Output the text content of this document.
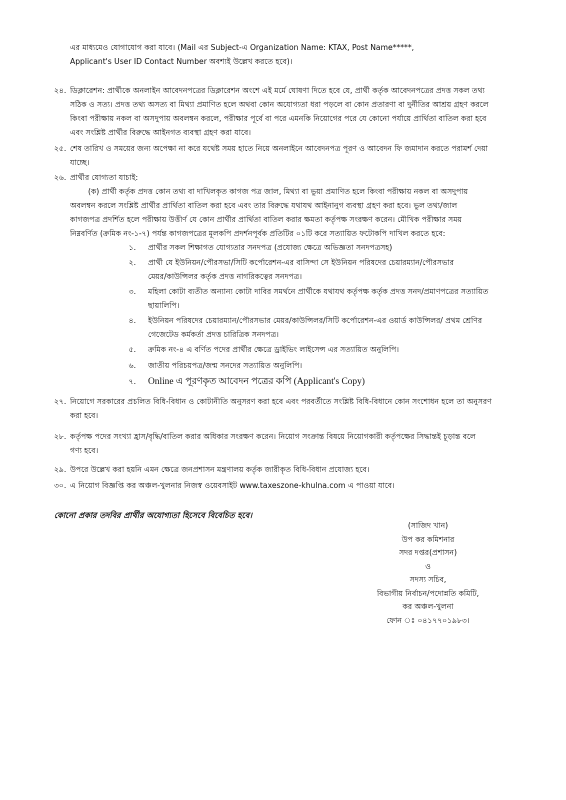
এর মাধ্যমেও যোগাযোগ করা যাবে। (Mail এর Subject-এ Organization Name: KTAX, Post Name*****,
Applicant's User ID Contact Number অবশ্যই উল্লেখ করতে হবে)।
২৪. ডিক্লারেশন: প্রার্থীকে অনলাইন আবেদনপত্রের ডিক্লারেশন অংশে এই মর্মে ঘোষণা দিতে হবে যে, প্রার্থী কর্তৃক আবেদনপত্রের প্রদত্ত সকল তথ্য
সঠিক ও সত্য। প্রদত্ত তথ্য অসত্য বা মিথ্যা প্রমাণিত হলে অথবা কোন অযোগ্যতা ধরা পড়লে বা কোন প্রতারণা বা দুর্নীতির আশ্রয় গ্রহণ করলে
কিংবা পরীক্ষায় নকল বা অসদুপায় অবলম্বন করলে, পরীক্ষার পূর্বে বা পরে এমনকি নিয়োগের পরে যে কোনো পর্যায়ে প্রার্থিতা বাতিল করা হবে
এবং সংশ্লিষ্ট প্রার্থীর বিরুদ্ধে আইনগত ব্যবস্থা গ্রহণ করা যাবে।
২৫. শেষ তারিখ ও সময়ের জন্য অপেক্ষা না করে যথেষ্ট সময় হাতে নিয়ে অনলাইনে আবেদনপত্র পূরণ ও আবেদন ফি জমাদান করতে পরামর্শ দেয়া
যাচ্ছে।
২৬. প্রার্থীর যোগ্যতা যাচাই:
(ক) প্রার্থী কর্তৃক প্রদত্ত কোন তথ্য বা দাখিলকৃত কাগজ পত্র জাল, মিথ্যা বা ভুয়া প্রমাণিত হলে কিংবা পরীক্ষায় নকল বা অসদুপায়
অবলম্বন করলে সংশ্লিষ্ট প্রার্থীর প্রার্থিতা বাতিল করা হবে এবং তার বিরুদ্ধে যথাযথ আইনানুগ ব্যবস্থা গ্রহণ করা হবে। ভুল তথ্য/জাল
কাগজপত্র প্রদর্শিত হলে পরীক্ষায় উত্তীর্ণ যে কোন প্রার্থীর প্রার্থিতা বাতিল করার ক্ষমতা কর্তৃপক্ষ সংরক্ষণ করেন। মৌখিক পরীক্ষার সময়
নিম্নবর্ণিত (ক্রমিক নং-১-৭) পর্যন্ত কাগজপত্রের মূলকপি প্রদর্শনপূর্বক প্রতিটির ০১টি করে সত্যায়িত ফটোকপি দাখিল করতে হবে:
১. প্রার্থীর সকল শিক্ষাগত যোগ্যতার সনদপত্র (প্রযোজ্য ক্ষেত্রে অভিজ্ঞতা সনদপত্রসহ)
২. প্রার্থী যে ইউনিয়ন/পৌরসভা/সিটি কর্পোরেশন-এর বাসিন্দা সে ইউনিয়ন পরিষদের চেয়ারম্যান/পৌরসভার
মেয়র/কাউন্সিলর কর্তৃক প্রদত্ত নাগরিকত্বের সনদপত্র।
৩. মহিলা কোটা ব্যতীত অন্যান্য কোটা দাবির সমর্থনে প্রার্থীকে যথাযথ কর্তৃপক্ষ কর্তৃক প্রদত্ত সনদ/প্রমাণপত্রের সত্যায়িত
ছায়ালিপি।
৪. ইউনিয়ন পরিষদের চেয়ারম্যান/পৌরসভার মেয়র/কাউন্সিলর/সিটি কর্পোরেশন-এর ওয়ার্ড কাউন্সিলর/ প্রথম শ্রেণির
গেজেটেড কর্মকর্তা প্রদত্ত চারিত্রিক সনদপত্র।
৫. ক্রমিক নং-৪ এ বর্ণিত পদের প্রার্থীর ক্ষেত্রে ড্রাইভিং লাইসেন্স এর সত্যায়িত অনুলিপি।
৬. জাতীয় পরিচয়পত্র/জন্ম সনদের সত্যায়িত অনুলিপি।
৭. Online এ পূরণকৃত আবেদন পত্রের কপি (Applicant's Copy)
২৭. নিয়োগে সরকারের প্রচলিত বিধি-বিধান ও কোটানীতি অনুসরণ করা হবে এবং পরবর্তীতে সংশ্লিষ্ট বিধি-বিধানে কোন সংশোধন হলে তা অনুসরণ
করা হবে।
২৮. কর্তৃপক্ষ পদের সংখ্যা হ্রাস/বৃদ্ধি/বাতিল করার অধিকার সংরক্ষণ করেন। নিয়োগ সংক্রান্ত বিষয়ে নিয়োগকারী কর্তৃপক্ষের সিদ্ধান্তই চূড়ান্ত বলে
গণ্য হবে।
২৯. উপরে উল্লেখ করা হয়নি এমন ক্ষেত্রে জনপ্রশাসন মন্ত্রণালয় কর্তৃক জারীকৃত বিধি-বিধান প্রযোজ্য হবে।
৩০. এ নিয়োগ বিজ্ঞপ্তি কর অঞ্চল-খুলনার নিজস্ব ওয়েবসাইট www.taxeszone-khulna.com এ পাওয়া যাবে।
কোনো প্রকার তদবির প্রার্থীর অযোগ্যতা হিসেবে বিবেচিত হবে।
(সাজিদ খান)
উপ কর কমিশনার
সদর দপ্তর(প্রশাসন)
ও
সদস্য সচিব,
বিভাগীয় নির্বাচন/পদোন্নতি কমিটি,
কর অঞ্চল-খুলনা
ফোন ঃ ০৪১৭৭০১৯৮৩।
